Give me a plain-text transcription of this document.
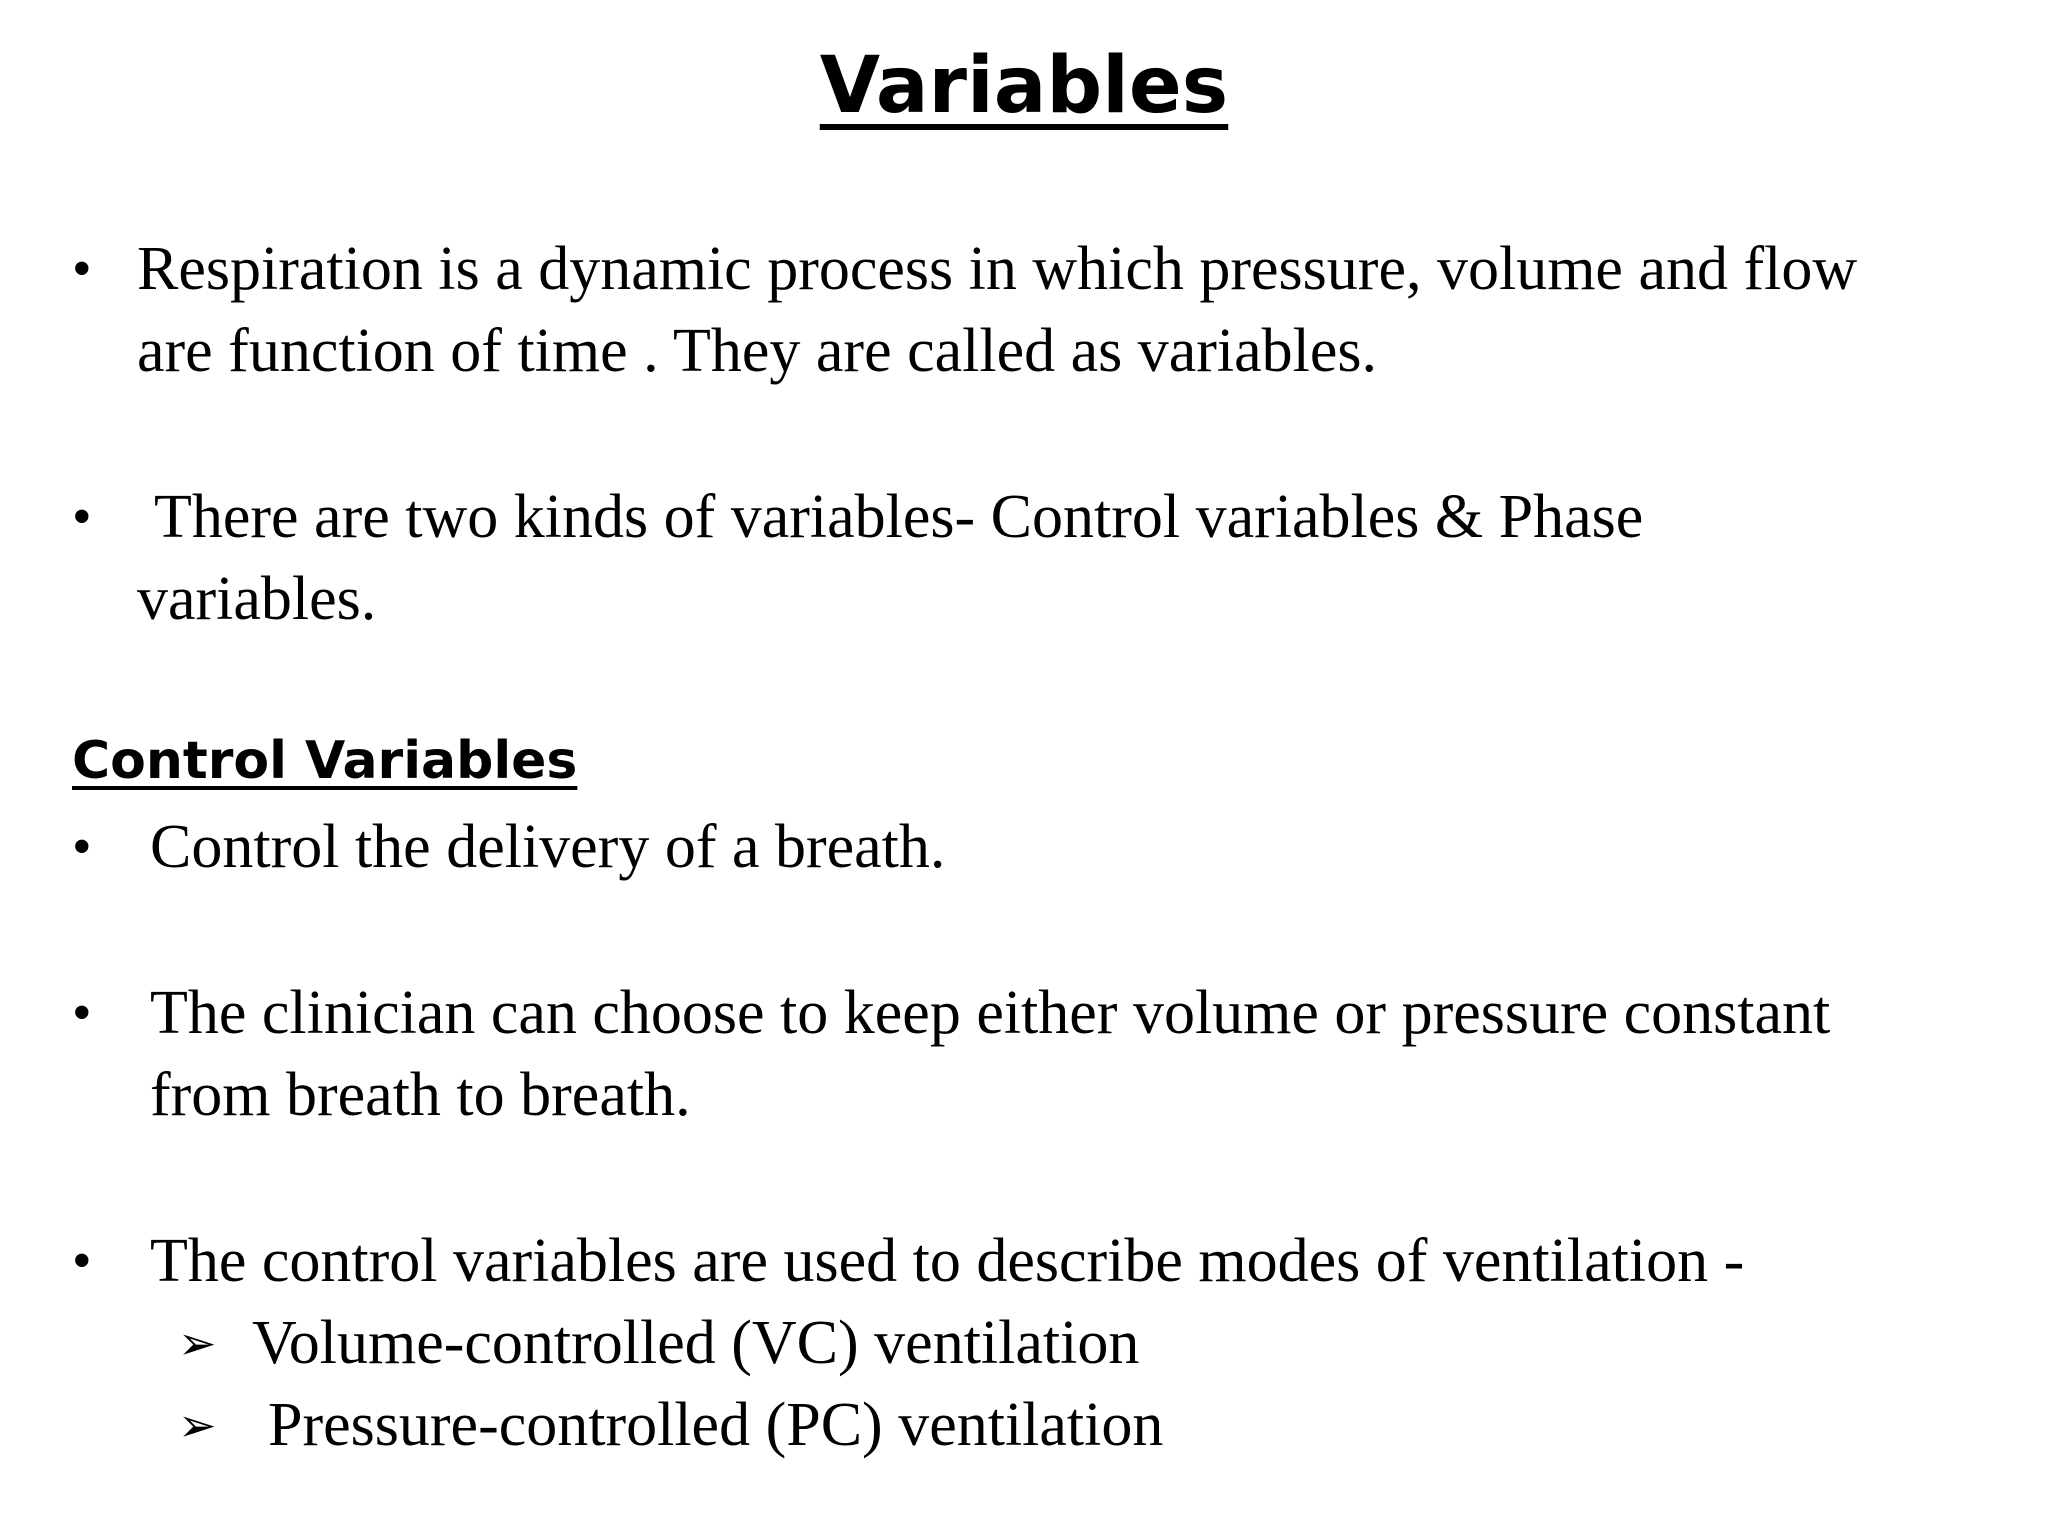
Variables
• Respiration is a dynamic process in which pressure, volume and flow
are function of time . They are called as variables.
• There are two kinds of variables- Control variables & Phase
variables.
Control Variables
• Control the delivery of a breath.
• The clinician can choose to keep either volume or pressure constant
from breath to breath.
• The control variables are used to describe modes of ventilation -
➢ Volume-controlled (VC) ventilation
➢ Pressure-controlled (PC) ventilation
